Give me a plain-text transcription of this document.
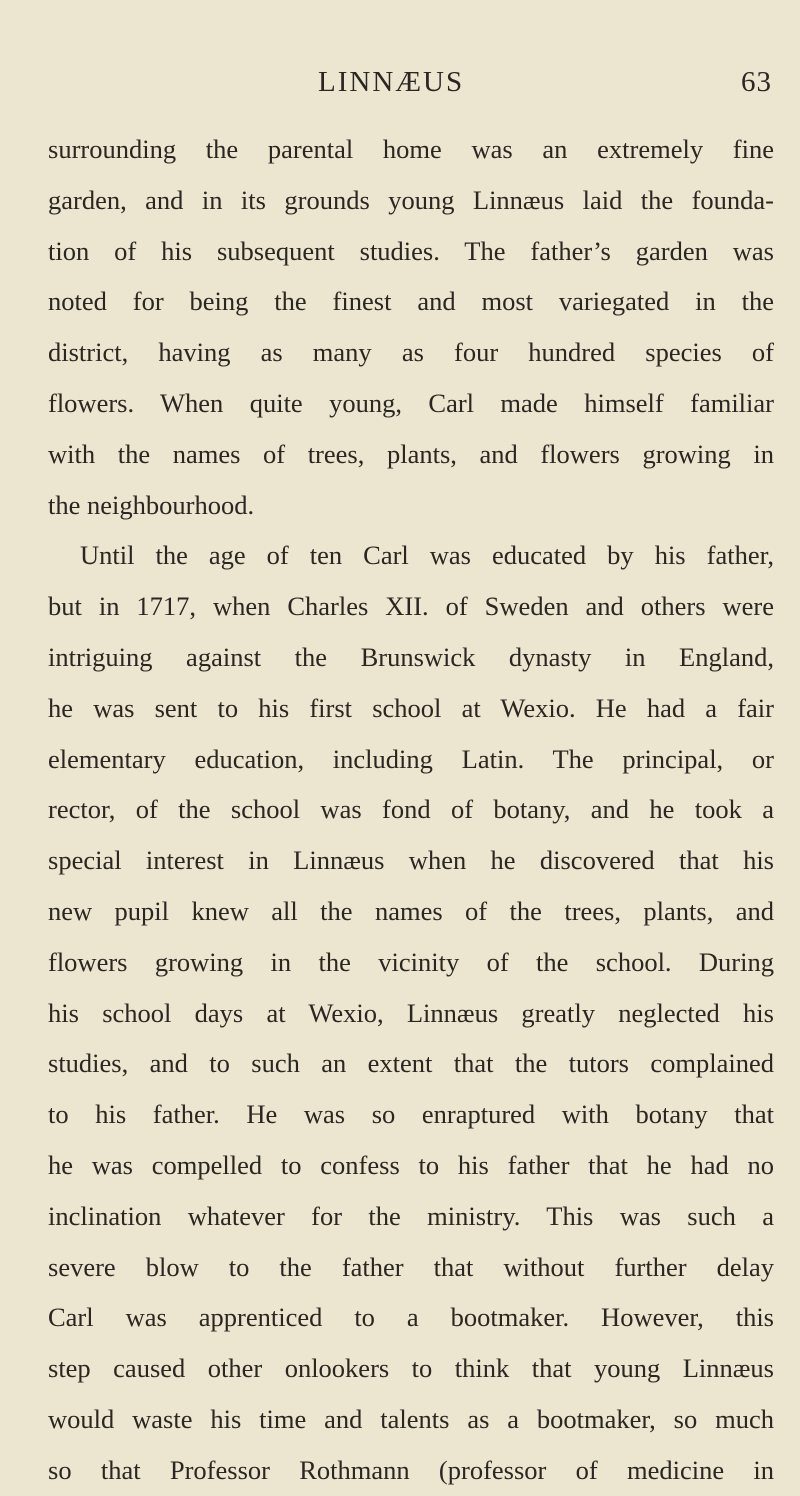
LINNÆUS	63
surrounding the parental home was an extremely fine
garden, and in its grounds young Linnæus laid the founda-
tion of his subsequent studies. The father’s garden was
noted for being the finest and most variegated in the
district, having as many as four hundred species of
flowers. When quite young, Carl made himself familiar
with the names of trees, plants, and flowers growing in
the neighbourhood.
Until the age of ten Carl was educated by his father,
but in 1717, when Charles XII. of Sweden and others were
intriguing against the Brunswick dynasty in England,
he was sent to his first school at Wexio. He had a fair
elementary education, including Latin. The principal, or
rector, of the school was fond of botany, and he took a
special interest in Linnæus when he discovered that his
new pupil knew all the names of the trees, plants, and
flowers growing in the vicinity of the school. During
his school days at Wexio, Linnæus greatly neglected his
studies, and to such an extent that the tutors complained
to his father. He was so enraptured with botany that
he was compelled to confess to his father that he had no
inclination whatever for the ministry. This was such a
severe blow to the father that without further delay
Carl was apprenticed to a bootmaker. However, this
step caused other onlookers to think that young Linnæus
would waste his time and talents as a bootmaker, so much
so that Professor Rothmann (professor of medicine in
